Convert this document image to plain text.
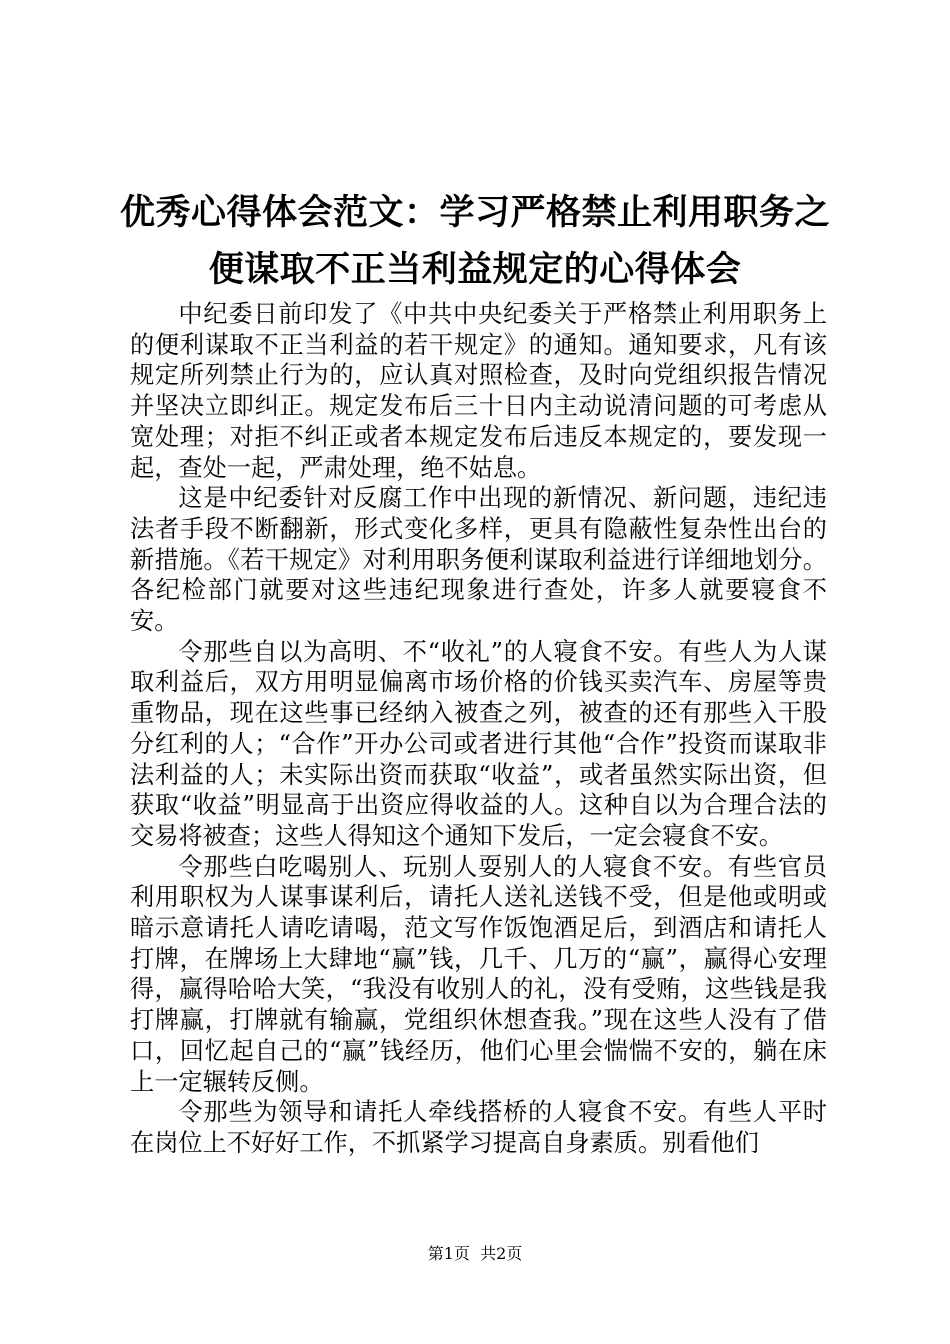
优秀心得体会范文：学习严格禁止利用职务之便谋取不正当利益规定的心得体会

中纪委日前印发了《中共中央纪委关于严格禁止利用职务上的便利谋取不正当利益的若干规定》的通知。通知要求，凡有该规定所列禁止行为的，应认真对照检查，及时向党组织报告情况并坚决立即纠正。规定发布后三十日内主动说清问题的可考虑从宽处理；对拒不纠正或者本规定发布后违反本规定的，要发现一起，查处一起，严肃处理，绝不姑息。

这是中纪委针对反腐工作中出现的新情况、新问题，违纪违法者手段不断翻新，形式变化多样，更具有隐蔽性复杂性出台的新措施。《若干规定》对利用职务便利谋取利益进行详细地划分。各纪检部门就要对这些违纪现象进行查处，许多人就要寝食不安。

令那些自以为高明、不“收礼”的人寝食不安。有些人为人谋取利益后，双方用明显偏离市场价格的价钱买卖汽车、房屋等贵重物品，现在这些事已经纳入被查之列，被查的还有那些入干股分红利的人；“合作”开办公司或者进行其他“合作”投资而谋取非法利益的人；未实际出资而获取“收益”，或者虽然实际出资，但获取“收益”明显高于出资应得收益的人。这种自以为合理合法的交易将被查；这些人得知这个通知下发后，一定会寝食不安。

令那些白吃喝别人、玩别人耍别人的人寝食不安。有些官员利用职权为人谋事谋利后，请托人送礼送钱不受，但是他或明或暗示意请托人请吃请喝，范文写作饭饱酒足后，到酒店和请托人打牌，在牌场上大肆地“赢”钱，几千、几万的“赢”，赢得心安理得，赢得哈哈大笑，“我没有收别人的礼，没有受贿，这些钱是我打牌赢，打牌就有输赢，党组织休想查我。”现在这些人没有了借口，回忆起自己的“赢”钱经历，他们心里会惴惴不安的，躺在床上一定辗转反侧。

令那些为领导和请托人牵线搭桥的人寝食不安。有些人平时在岗位上不好好工作，不抓紧学习提高自身素质。别看他们

第1页  共2页
